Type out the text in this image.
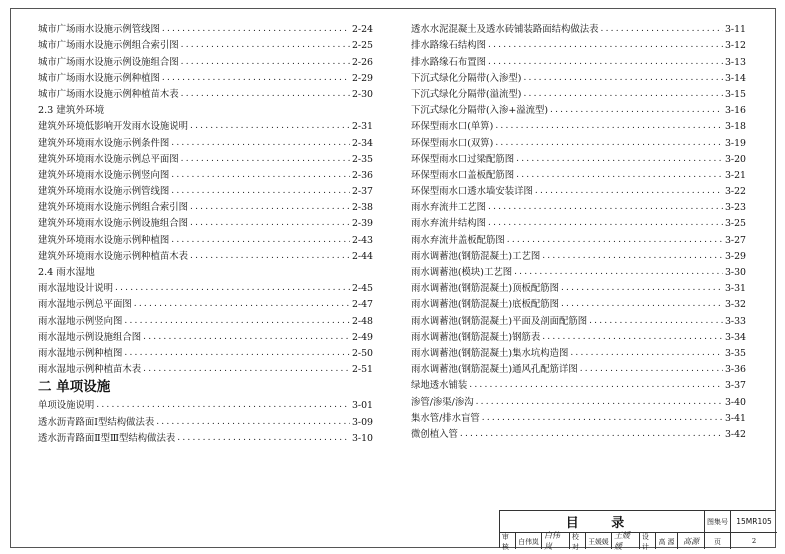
城市广场雨水设施示例管线图 .....	2-24
城市广场雨水设施示例组合索引图 .....	2-25
城市广场雨水设施示例设施组合图 .....	2-26
城市广场雨水设施示例种植图 .....	2-29
城市广场雨水设施示例种植苗木表 .....	2-30
2.3 建筑外环境
建筑外环境低影响开发雨水设施说明 .....	2-31
建筑外环境雨水设施示例条件图 .....	2-34
建筑外环境雨水设施示例总平面图 .....	2-35
建筑外环境雨水设施示例竖向图 .....	2-36
建筑外环境雨水设施示例管线图 .....	2-37
建筑外环境雨水设施示例组合索引图 .....	2-38
建筑外环境雨水设施示例设施组合图 .....	2-39
建筑外环境雨水设施示例种植图 .....	2-43
建筑外环境雨水设施示例种植苗木表 .....	2-44
2.4 雨水湿地
雨水湿地设计说明 .....	2-45
雨水湿地示例总平面图 .....	2-47
雨水湿地示例竖向图 .....	2-48
雨水湿地示例设施组合图 .....	2-49
雨水湿地示例种植图 .....	2-50
雨水湿地示例种植苗木表 .....	2-51
二 单项设施
单项设施说明 .....	3-01
透水沥青路面Ⅰ型结构做法表 .....	3-09
透水沥青路面Ⅱ型Ⅲ型结构做法表 .....	3-10
透水水泥混凝土及透水砖铺装路面结构做法表 .....	3-11
排水路缘石结构图 .....	3-12
排水路缘石布置图 .....	3-13
下沉式绿化分隔带(入渗型) .....	3-14
下沉式绿化分隔带(溢流型) .....	3-15
下沉式绿化分隔带(入渗+溢流型) .....	3-16
环保型雨水口(单箅) .....	3-18
环保型雨水口(双箅) .....	3-19
环保型雨水口过梁配筋图 .....	3-20
环保型雨水口盖板配筋图 .....	3-21
环保型雨水口透水墙安装详图 .....	3-22
雨水弃流井工艺图 .....	3-23
雨水弃流井结构图 .....	3-25
雨水弃流井盖板配筋图 .....	3-27
雨水调蓄池(钢筋混凝土)工艺图 .....	3-29
雨水调蓄池(模块)工艺图 .....	3-30
雨水调蓄池(钢筋混凝土)顶板配筋图 .....	3-31
雨水调蓄池(钢筋混凝土)底板配筋图 .....	3-32
雨水调蓄池(钢筋混凝土)平面及剖面配筋图 .....	3-33
雨水调蓄池(钢筋混凝土)钢筋表 .....	3-34
雨水调蓄池(钢筋混凝土)集水坑构造图 .....	3-35
雨水调蓄池(钢筋混凝土)通风孔配筋详图 .....	3-36
绿地透水铺装 .....	3-37
渗管/渗渠/渗沟 .....	3-40
集水管/排水盲管 .....	3-41
微创植入管 .....	3-42
目 录	图集号	15MR105
审核
白伟岚
白伟岚
校对
王媛媛
王媛媛
设计
高 源	高源	页	2
